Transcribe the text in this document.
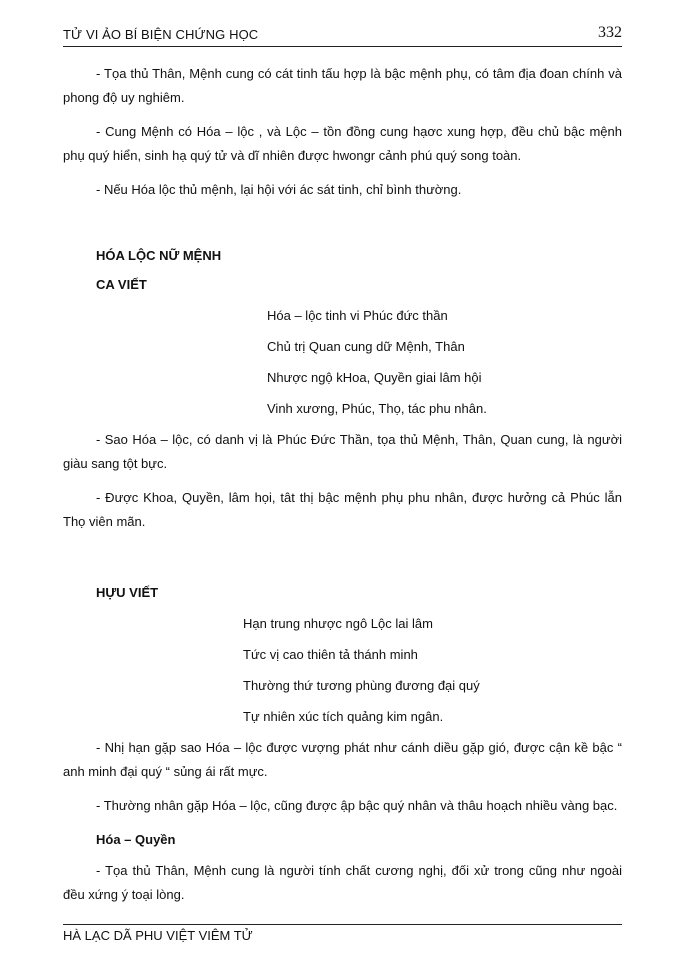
TỬ VI ẢO BÍ BIỆN CHỨNG HỌC	332

- Tọa thủ Thân, Mệnh cung có cát tinh tấu hợp là bậc mệnh phụ, có tâm địa đoan chính và phong độ uy nghiêm.

- Cung Mệnh có Hóa – lộc , và Lộc – tồn đồng cung hạơc xung hợp, đều chủ bậc mệnh phụ quý hiển, sinh hạ quý tử và dĩ nhiên được hwongr cảnh phú quý song toàn.

- Nếu Hóa lộc thủ mệnh, lại hội với ác sát tinh, chỉ bình thường.

HÓA LỘC NỮ MỆNH
CA VIẾT
Hóa – lộc tinh vi Phúc đức thần
Chủ trị Quan cung dữ Mệnh, Thân
Nhược ngộ kHoa, Quyền giai lâm hội
Vinh xương, Phúc, Thọ, tác phu nhân.

- Sao Hóa – lộc, có danh vị là Phúc Đức Thần, tọa thủ Mệnh, Thân, Quan cung, là người giàu sang tột bực.

- Được Khoa, Quyền, lâm họi, tât thị bậc mệnh phụ phu nhân, được hưởng cả Phúc lẫn Thọ viên mãn.

HỰU VIẾT
Hạn trung nhược ngô Lộc lai lâm
Tức vị cao thiên tả thánh minh
Thường thứ tương phùng đương đại quý
Tự nhiên xúc tích quảng kim ngân.

- Nhị hạn gặp sao Hóa – lộc được vượng phát như cánh diều gặp gió, được cận kề bậc “ anh minh đại quý “ sủng ái rất mực.

- Thường nhân gặp Hóa – lộc, cũng được ập bậc quý nhân và thâu hoạch nhiều vàng bạc.

Hóa – Quyền

- Tọa thủ Thân, Mệnh cung là người tính chất cương nghị, đối xử trong cũng như ngoài đều xứng ý toại lòng.

HÀ LẠC DÃ PHU VIỆT VIÊM TỬ
